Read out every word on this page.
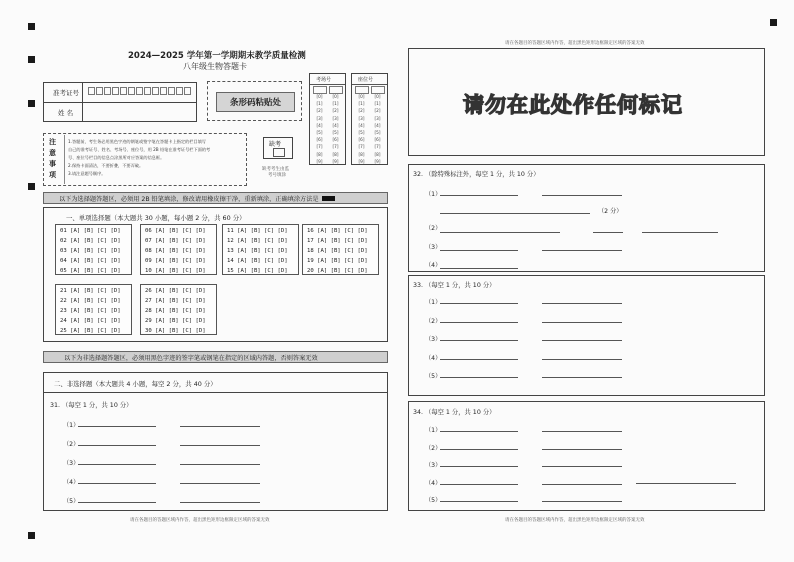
2024—2025 学年第一学期期末教学质量检测
八年级生物答题卡
准考证号
姓 名
条形码粘贴处
考场号
[0]
[1]
[2]
[3]
[4]
[5]
[6]
[7]
[8]
[9]
[0]
[1]
[2]
[3]
[4]
[5]
[6]
[7]
[8]
[9]
座位号
[0]
[1]
[2]
[3]
[4]
[5]
[6]
[7]
[8]
[9]
[0]
[1]
[2]
[3]
[4]
[5]
[6]
[7]
[8]
[9]
缺考
缺考考生由监
考号填涂
注
意
事
项
1.答题前，考生务必用黑色字迹的钢笔或签字笔在答题卡上指定的栏目填写
自己的准考证号、姓名、考场号、座位号，用 2B 铅笔在准考证号栏下面的考
号、座位号栏目的信息点涂黑所对应答案的信息框。
2.保持卡面清洁，不要折叠，不要弄破。
3.请注意题号顺序。
以下为选择题答题区，必须用 2B 铅笔填涂，修改请用橡皮擦干净，重新填涂，正确填涂方法是
一、单项选择题（本大题共 30 小题，每小题 2 分，共 60 分）
01 [A] [B] [C] [D]
02 [A] [B] [C] [D]
03 [A] [B] [C] [D]
04 [A] [B] [C] [D]
05 [A] [B] [C] [D]
06 [A] [B] [C] [D]
07 [A] [B] [C] [D]
08 [A] [B] [C] [D]
09 [A] [B] [C] [D]
10 [A] [B] [C] [D]
11 [A] [B] [C] [D]
12 [A] [B] [C] [D]
13 [A] [B] [C] [D]
14 [A] [B] [C] [D]
15 [A] [B] [C] [D]
16 [A] [B] [C] [D]
17 [A] [B] [C] [D]
18 [A] [B] [C] [D]
19 [A] [B] [C] [D]
20 [A] [B] [C] [D]
21 [A] [B] [C] [D]
22 [A] [B] [C] [D]
23 [A] [B] [C] [D]
24 [A] [B] [C] [D]
25 [A] [B] [C] [D]
26 [A] [B] [C] [D]
27 [A] [B] [C] [D]
28 [A] [B] [C] [D]
29 [A] [B] [C] [D]
30 [A] [B] [C] [D]
以下为非选择题答题区，必须用黑色字迹的签字笔或钢笔在指定的区域内答题，否则答案无效
二、非选择题（本大题共 4 小题，每空 2 分，共 40 分）
31. （每空 1 分，共 10 分）
（1）
（2）
（3）
（4）
（5）
请在各题目的答题区域内作答，超出黑色矩形边框限定区域的答案无效
请在各题目的答题区域内作答，超出黑色矩形边框限定区域的答案无效
请勿在此处作任何标记
32. （除特殊标注外，每空 1 分，共 10 分）
33. （每空 1 分，共 10 分）
34. （每空 1 分，共 10 分）
（1）
（2）
（3）
（4）
（2 分）
（1）
（2）
（3）
（4）
（5）
（1）
（2）
（3）
（4）
（5）
请在各题目的答题区域内作答，超出黑色矩形边框限定区域的答案无效
